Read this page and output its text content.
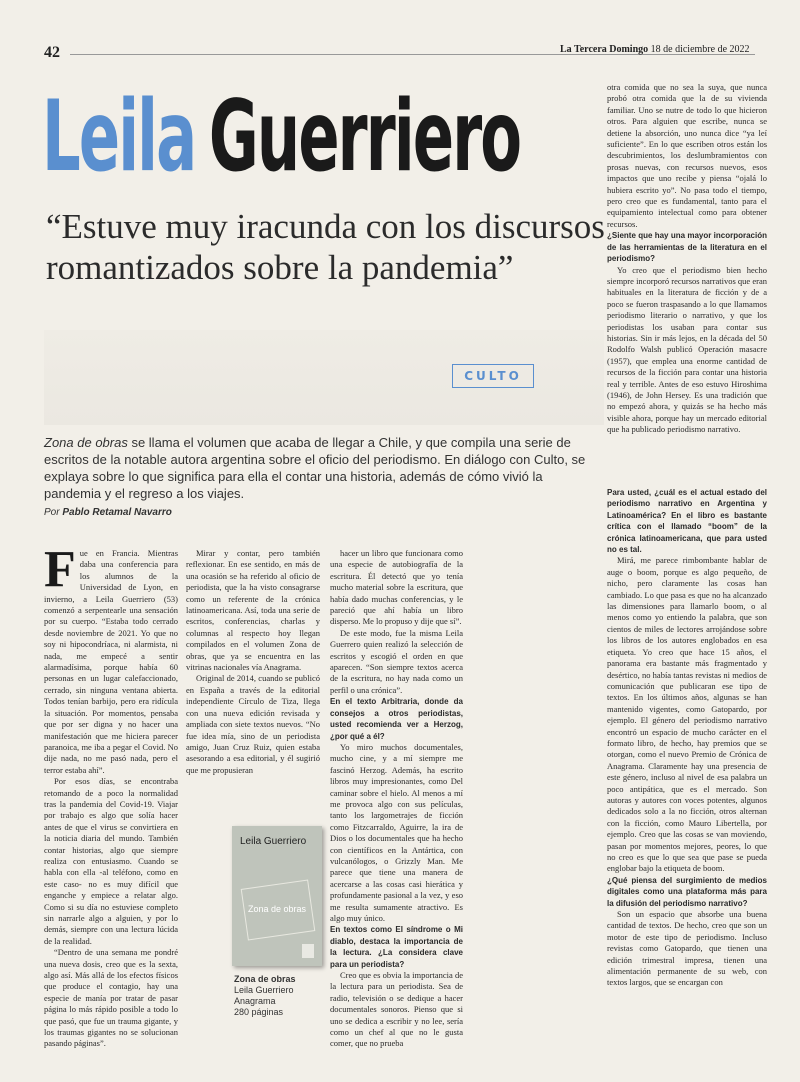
42	La Tercera Domingo 18 de diciembre de 2022
Leila Guerriero
“Estuve muy iracunda con los discursos romantizados sobre la pandemia”
CULTO
Zona de obras se llama el volumen que acaba de llegar a Chile, y que compila una serie de escritos de la notable autora argentina sobre el oficio del periodismo. En diálogo con Culto, se explaya sobre lo que significa para ella el contar una historia, además de cómo vivió la pandemia y el regreso a los viajes.
Por Pablo Retamal Navarro

Fue en Francia. Mientras daba una conferencia para los alumnos de la Universidad de Lyon, en invierno, a Leila Guerriero (53) comenzó a serpentearle una sensación por su cuerpo. “Estaba todo cerrado desde noviembre de 2021. Yo que no soy ni hipocondríaca, ni alarmista, ni nada, me empecé a sentir alarmadísima, porque había 60 personas en un lugar calefaccionado, cerrado, sin ninguna ventana abierta. Todos tenían barbijo, pero era ridícula la situación. Por momentos, pensaba que por ser digna y no hacer una manifestación que me hiciera parecer paranoica, me iba a pegar el Covid. No dije nada, no me pasó nada, pero el terror estaba ahí”.

Por esos días, se encontraba retomando de a poco la normalidad tras la pandemia del Covid-19. Viajar por trabajo es algo que solía hacer antes de que el virus se convirtiera en la noticia diaria del mundo. También contar historias, algo que siempre realiza con entusiasmo. Cuando se habla con ella -al teléfono, como en este caso- no es muy difícil que enganche y empiece a relatar algo. Como si su día no estuviese completo sin narrarle algo a alguien, y por lo demás, siempre con una lectura lúcida de la realidad.

“Dentro de una semana me pondré una nueva dosis, creo que es la sexta, algo así. Más allá de los efectos físicos que produce el contagio, hay una especie de manía por tratar de pasar página lo más rápido posible a todo lo que pasó, que fue un trauma gigante, y los traumas gigantes no se solucionan pasando páginas”.

Mirar y contar, pero también reflexionar. En ese sentido, en más de una ocasión se ha referido al oficio de periodista, que la ha visto consagrarse como un referente de la crónica latinoamericana. Así, toda una serie de escritos, conferencias, charlas y columnas al respecto hoy llegan compilados en el volumen Zona de obras, que ya se encuentra en las vitrinas nacionales vía Anagrama.

Original de 2014, cuando se publicó en España a través de la editorial independiente Círculo de Tiza, llega con una nueva edición revisada y ampliada con siete textos nuevos. “No fue idea mía, sino de un periodista amigo, Juan Cruz Ruiz, quien estaba asesorando a esa editorial, y él sugirió que me propusieran

Leila Guerriero
Zona de obras
Zona de obras
Leila Guerriero
Anagrama
280 páginas

hacer un libro que funcionara como una especie de autobiografía de la escritura. Él detectó que yo tenía mucho material sobre la escritura, que había dado muchas conferencias, y le pareció que ahí había un libro disperso. Me lo propuso y dije que sí”.

De este modo, fue la misma Leila Guerrero quien realizó la selección de escritos y escogió el orden en que aparecen. “Son siempre textos acerca de la escritura, no hay nada como un perfil o una crónica”.

En el texto Arbitraria, donde da consejos a otros periodistas, usted recomienda ver a Herzog, ¿por qué a él?

Yo miro muchos documentales, mucho cine, y a mí siempre me fascinó Herzog. Además, ha escrito libros muy impresionantes, como Del caminar sobre el hielo. Al menos a mí me provoca algo con sus películas, tanto los largometrajes de ficción como Fitzcarraldo, Aguirre, la ira de Dios o los documentales que ha hecho con científicos en la Antártica, con vulcanólogos, o Grizzly Man. Me parece que tiene una manera de acercarse a las cosas casi hierática y profundamente pasional a la vez, y eso me resulta sumamente atractivo. Es algo muy único.

En textos como El síndrome o Mi diablo, destaca la importancia de la lectura. ¿La considera clave para un periodista?

Creo que es obvia la importancia de la lectura para un periodista. Sea de radio, televisión o se dedique a hacer documentales sonoros. Pienso que si uno se dedica a escribir y no lee, sería como un chef al que no le gusta comer, que no prueba

otra comida que no sea la suya, que nunca probó otra comida que la de su vivienda familiar. Uno se nutre de todo lo que hicieron otros. Para alguien que escribe, nunca se detiene la absorción, uno nunca dice “ya leí suficiente”. En lo que escriben otros están los descubrimientos, los deslumbramientos con prosas nuevas, con recursos nuevos, esos impactos que uno recibe y piensa “ojalá lo hubiera escrito yo”. No pasa todo el tiempo, pero creo que es fundamental, tanto para el equipamiento intelectual como para obtener recursos.

¿Siente que hay una mayor incorporación de las herramientas de la literatura en el periodismo?

Yo creo que el periodismo bien hecho siempre incorporó recursos narrativos que eran habituales en la literatura de ficción y de a poco se fueron traspasando a lo que llamamos periodismo literario o narrativo, y que los periodistas los usaban para contar sus historias. Sin ir más lejos, en la década del 50 Rodolfo Walsh publicó Operación masacre (1957), que emplea una enorme cantidad de recursos de la ficción para contar una historia real y terrible. Antes de eso estuvo Hiroshima (1946), de John Hersey. Es una tradición que no empezó ahora, y quizás se ha hecho más visible ahora, porque hay un mercado editorial que ha publicado periodismo narrativo.

Para usted, ¿cuál es el actual estado del periodismo narrativo en Argentina y Latinoamérica? En el libro es bastante crítica con el llamado “boom” de la crónica latinoamericana, que para usted no es tal.

Mirá, me parece rimbombante hablar de auge o boom, porque es algo pequeño, de nicho, pero claramente las cosas han cambiado. Lo que pasa es que no ha alcanzado las dimensiones para llamarlo boom, o al menos como yo entiendo la palabra, que son cientos de miles de lectores arrojándose sobre los libros de los autores englobados en esa etiqueta. Yo creo que hace 15 años, el panorama era bastante más fragmentado y desértico, no había tantas revistas ni medios de comunicación que publicaran ese tipo de textos. En los últimos años, algunas se han mantenido vigentes, como Gatopardo, por ejemplo. El género del periodismo narrativo encontró un espacio de mucho carácter en el formato libro, de hecho, hay premios que se otorgan, como el nuevo Premio de Crónica de Anagrama. Claramente hay una presencia de este género, incluso al nivel de esa palabra un poco antipática, que es el mercado. Son autoras y autores con voces potentes, algunos dedicados solo a la no ficción, otros alternan con la ficción, como Mauro Libertella, por ejemplo. Creo que las cosas se van moviendo, pasan por momentos mejores, peores, lo que no creo es que lo que sea que pase se pueda englobar bajo la etiqueta de boom.

¿Qué piensa del surgimiento de medios digitales como una plataforma más para la difusión del periodismo narrativo?

Son un espacio que absorbe una buena cantidad de textos. De hecho, creo que son un motor de este tipo de periodismo. Incluso revistas como Gatopardo, que tienen una edición trimestral impresa, tienen una alimentación permanente de su web, con textos largos, que se encargan con
